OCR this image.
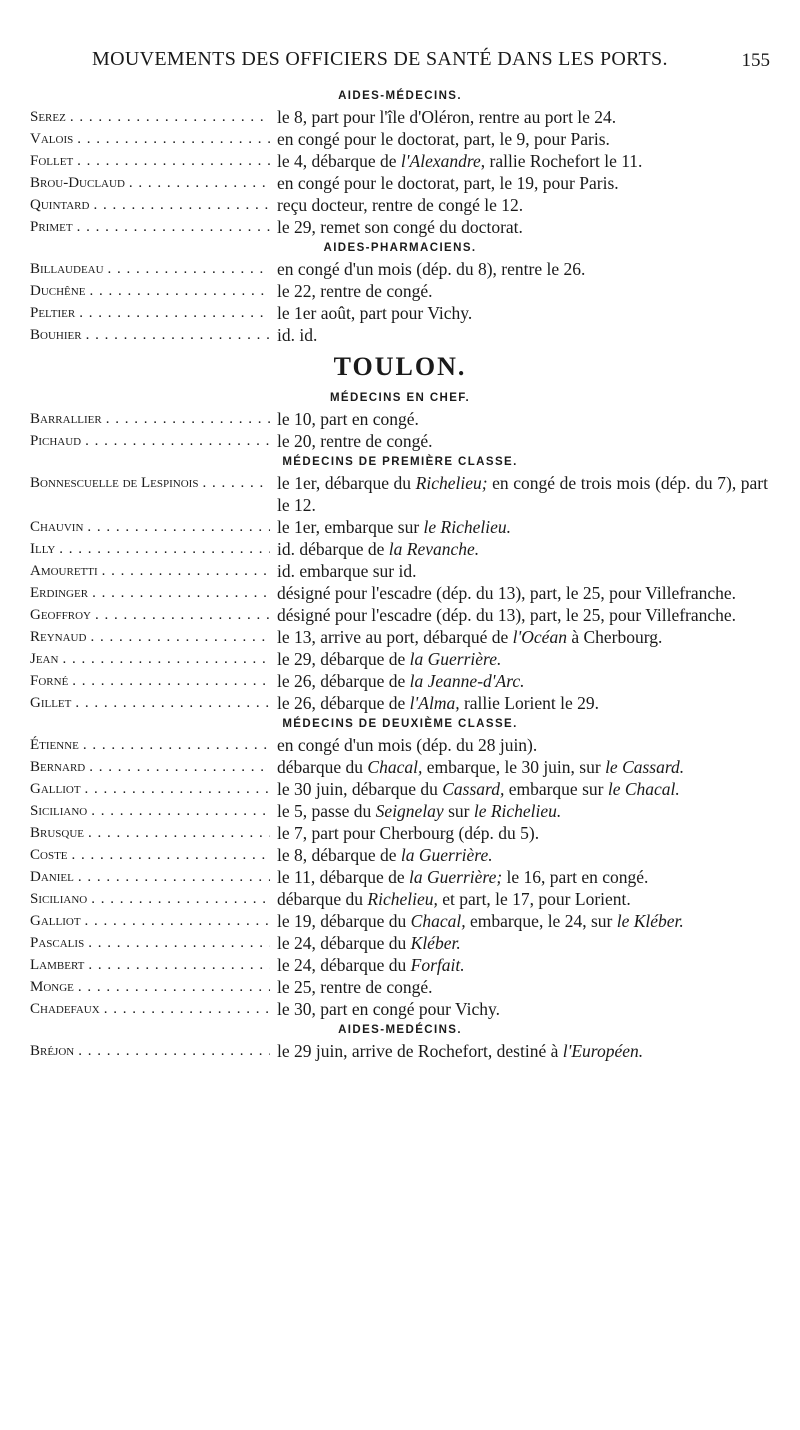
MOUVEMENTS DES OFFICIERS DE SANTÉ DANS LES PORTS.	155
AIDES-MÉDECINS.
Serez . . .	le 8, part pour l'île d'Oléron, rentre au port le 24.
Valois . . .	en congé pour le doctorat, part, le 9, pour Paris.
Follet . . .	le 4, débarque de l'Alexandre, rallie Rochefort le 11.
Brou-Duclaud . . .	en congé pour le doctorat, part, le 19, pour Paris.
Quintard . . .	reçu docteur, rentre de congé le 12.
Primet . . .	le 29, remet son congé du doctorat.
AIDES-PHARMACIENS.
Billaudeau . . .	en congé d'un mois (dép. du 8), rentre le 26.
Duchêne . . .	le 22, rentre de congé.
Peltier . . .	le 1er août, part pour Vichy.
Bouhier . . .	id. id.
TOULON.
MÉDECINS EN CHEF.
Barrallier . . .	le 10, part en congé.
Pichaud . . .	le 20, rentre de congé.
MÉDECINS DE PREMIÈRE CLASSE.
Bonnescuelle de Lespinois . . .	le 1er, débarque du Richelieu; en congé de trois mois (dép. du 7), part le 12.
Chauvin . . .	le 1er, embarque sur le Richelieu.
Illy . . .	id. débarque de la Revanche.
Amouretti . . .	id. embarque sur id.
Erdinger . . .	désigné pour l'escadre (dép. du 13), part, le 25, pour Villefranche.
Geoffroy . . .	désigné pour l'escadre (dép. du 13), part, le 25, pour Villefranche.
Reynaud . . .	le 13, arrive au port, débarqué de l'Océan à Cherbourg.
Jean . . .	le 29, débarque de la Guerrière.
Forné . . .	le 26, débarque de la Jeanne-d'Arc.
Gillet . . .	le 26, débarque de l'Alma, rallie Lorient le 29.
MÉDECINS DE DEUXIÈME CLASSE.
Étienne . . .	en congé d'un mois (dép. du 28 juin).
Bernard . . .	débarque du Chacal, embarque, le 30 juin, sur le Cassard.
Galliot . . .	le 30 juin, débarque du Cassard, embarque sur le Chacal.
Siciliano . . .	le 5, passe du Seignelay sur le Richelieu.
Brusque . . .	le 7, part pour Cherbourg (dép. du 5).
Coste . . .	le 8, débarque de la Guerrière.
Daniel . . .	le 11, débarque de la Guerrière; le 16, part en congé.
Siciliano . . .	débarque du Richelieu, et part, le 17, pour Lorient.
Galliot . . .	le 19, débarque du Chacal, embarque, le 24, sur le Kléber.
Pascalis . . .	le 24, débarque du Kléber.
Lambert . . .	le 24, débarque du Forfait.
Monge . . .	le 25, rentre de congé.
Chadefaux . . .	le 30, part en congé pour Vichy.
AIDES-MEDÉCINS.
Bréjon . . .	le 29 juin, arrive de Rochefort, destiné à l'Européen.
